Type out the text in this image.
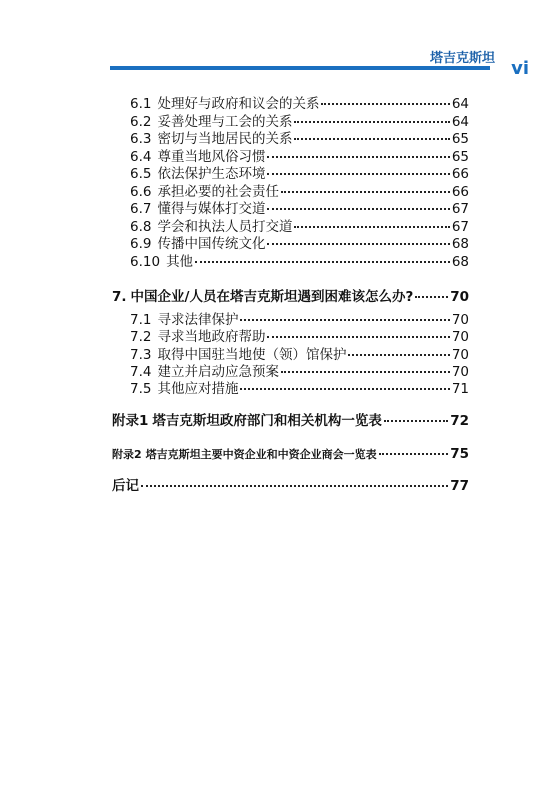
塔吉克斯坦 vi
6.1 处理好与政府和议会的关系	64
6.2 妥善处理与工会的关系	64
6.3 密切与当地居民的关系	65
6.4 尊重当地风俗习惯	65
6.5 依法保护生态环境	66
6.6 承担必要的社会责任	66
6.7 懂得与媒体打交道	67
6.8 学会和执法人员打交道	67
6.9 传播中国传统文化	68
6.10 其他	68
7. 中国企业/人员在塔吉克斯坦遇到困难该怎么办?	70
7.1 寻求法律保护	70
7.2 寻求当地政府帮助	70
7.3 取得中国驻当地使（领）馆保护	70
7.4 建立并启动应急预案	70
7.5 其他应对措施	71
附录1 塔吉克斯坦政府部门和相关机构一览表	72
附录2 塔吉克斯坦主要中资企业和中资企业商会一览表	75
后记	77
